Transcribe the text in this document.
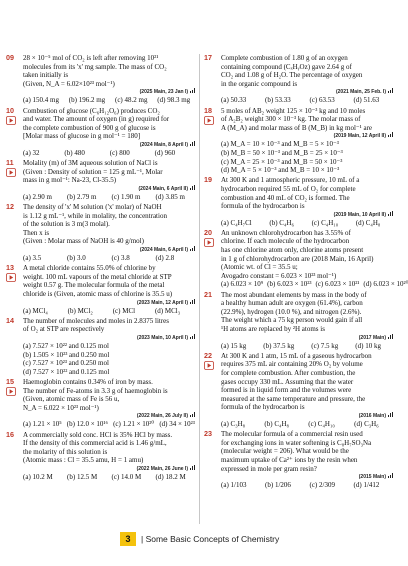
09 28 × 10⁻⁵ mol of CO₂ is left after removing 10²¹
molecules from its 'x' mg sample. The mass of CO₂
taken initially is
(Given, N_A = 6.02×10²³ mol⁻¹)
(2025 Main, 23 Jan I)
(a) 150.4 mg	(b) 196.2 mg	(c) 48.2 mg	(d) 98.3 mg
10 Combustion of glucose (C₆H₁₂O₆) produces CO₂
and water. The amount of oxygen (in g) required for
the complete combustion of 900 g of glucose is
[Molar mass of glucose in g mol⁻¹ = 180]
(2024 Main, 8 April I)
(a) 32	(b) 480	(c) 800	(d) 960
11 Molality (m) of 3M aqueous solution of NaCl is
(Given : Density of solution = 125 g mL⁻¹, Molar
mass in g mol⁻¹: Na-23, Cl-35.5)
(2024 Main, 6 April II)
(a) 2.90 m	(b) 2.79 m	(c) 1.90 m	(d) 3.85 m
12 The density of 'x' M solution ('x' molar) of NaOH
is 1.12 g mL⁻¹, while in molality, the concentration
of the solution is 3 m(3 molal).
Then x is
(Given : Molar mass of NaOH is 40 g/mol)
(2024 Main, 6 April I)
(a) 3.5	(b) 3.0	(c) 3.8	(d) 2.8
13 A metal chloride contains 55.0% of chlorine by
weight. 100 mL vapours of the metal chloride at STP
weight 0.57 g. The molecular formula of the metal
chloride is (Given, atomic mass of chlorine is 35.5 u)
(2023 Main, 12 April I)
(a) MCl₄	(b) MCl₂	(c) MCl	(d) MCl₃
14 The number of molecules and moles in 2.8375 litres
of O₂ at STP are respectively
(2023 Main, 10 April I)
(a) 7.527 × 10²² and 0.125 mol
(b) 1.505 × 10²³ and 0.250 mol
(c) 7.527 × 10²³ and 0.250 mol
(d) 7.527 × 10²² and 0.125 mol
15 Haemoglobin contains 0.34% of iron by mass.
The number of Fe-atoms in 3.3 g of haemoglobin is
(Given, atomic mass of Fe is 56 u,
N_A = 6.022 × 10²³ mol⁻¹)
(2022 Main, 26 July II)
(a) 1.21 × 10⁵ (b) 12.0 × 10¹⁶ (c) 1.21 × 10²⁰ (d) 34 × 10²³
16 A commercially sold conc. HCl is 35% HCl by mass.
If the density of this commercial acid is 1.46 g/mL,
the molarity of this solution is
(Atomic mass : Cl = 35.5 amu, H = 1 amu)
(2022 Main, 26 June I)
(a) 10.2 M	(b) 12.5 M	(c) 14.0 M	(d) 18.2 M
17 Complete combustion of 1.80 g of an oxygen
containing compound (CₓHᵧOz) gave 2.64 g of
CO₂ and 1.08 g of H₂O. The percentage of oxygen
in the organic compound is
(2021 Main, 25 Feb. I)
(a) 50.33	(b) 53.33	(c) 63.53	(d) 51.63
18 5 moles of AB₂ weight 125 × 10⁻³ kg and 10 moles
of A₂B₂ weight 300 × 10⁻³ kg. The molar mass of
A (M_A) and molar mass of B (M_B) in kg mol⁻¹ are
(2019 Main, 12 April II)
(a) M_A = 10 × 10⁻³ and M_B = 5 × 10⁻³
(b) M_B = 50 × 10⁻³ and M_B = 25 × 10⁻³
(c) M_A = 25 × 10⁻³ and M_B = 50 × 10⁻³
(d) M_A = 5 × 10⁻³ and M_B = 10 × 10⁻³
19 At 300 K and 1 atmospheric pressure, 10 mL of a
hydrocarbon required 55 mL of O₂ for complete
combustion and 40 mL of CO₂ is formed. The
formula of the hydrocarbon is
(2019 Main, 10 April II)
(a) C₄H₇Cl	(b) C₄H₆	(c) C₄H₁₀	(d) C₄H₈
20 An unknown chlorohydrocarbon has 3.55% of
chlorine. If each molecule of the hydrocarbon
has one chlorine atom only, chlorine atoms present
in 1 g of chlorohydrocarbon are (2018 Main, 16 April)
(Atomic wt. of Cl = 35.5 u;
Avogadro constant = 6.023 × 10²³ mol⁻¹)
(a) 6.023 × 10⁹ (b) 6.023 × 10²³ (c) 6.023 × 10²¹ (d) 6.023 × 10²⁰
21 The most abundant elements by mass in the body of
a healthy human adult are oxygen (61.4%), carbon
(22.9%), hydrogen (10.0 %), and nitrogen (2.6%).
The weight which a 75 kg person would gain if all
¹H atoms are replaced by ²H atoms is
(2017 Main)
(a) 15 kg	(b) 37.5 kg	(c) 7.5 kg	(d) 10 kg
22 At 300 K and 1 atm, 15 mL of a gaseous hydrocarbon
requires 375 mL air containing 20% O₂ by volume
for complete combustion. After combustion, the
gases occupy 330 mL. Assuming that the water
formed is in liquid form and the volumes were
measured at the same temperature and pressure, the
formula of the hydrocarbon is
(2016 Main)
(a) C₃H₈	(b) C₄H₈	(c) C₄H₁₀	(d) C₃H₆
23 The molecular formula of a commercial resin used
for exchanging ions in water softening is C₈H₇SO₃Na
(molecular weight = 206). What would be the
maximum uptake of Ca²⁺ ions by the resin when
expressed in mole per gram resin?
(2015 Main)
(a) 1/103	(b) 1/206	(c) 2/309	(d) 1/412
3	| Some Basic Concepts of Chemistry
